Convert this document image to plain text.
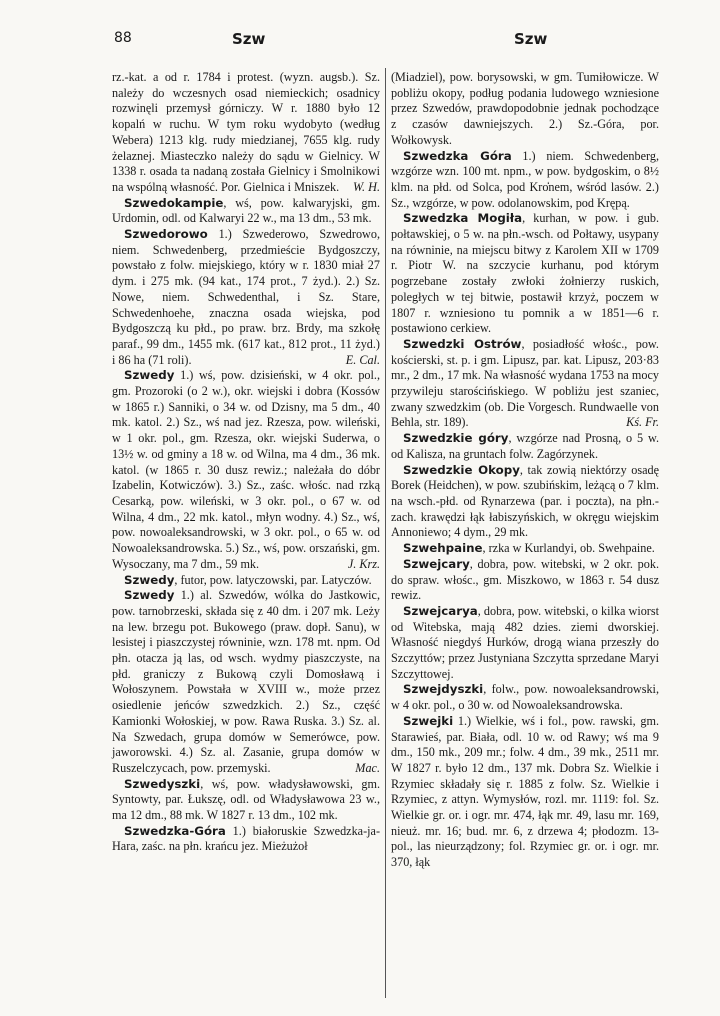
88	Szw	Szw

rz.-kat. a od r. 1784 i protest. (wyzn. augsb.). Sz. należy do wczesnych osad niemieckich; osadnicy rozwinęli przemysł górniczy. W r. 1880 było 12 kopalń w ruchu. W tym roku wydobyto (według Webera) 1213 klg. rudy miedzianej, 7655 klg. rudy żelaznej. Miasteczko należy do sądu w Gielnicy. W 1338 r. osada ta nadaną została Gielnicy i Smolnikowi na wspólną własność. Por. Gielnica i Mniszek. W. H.

Szwedokampie, wś, pow. kalwaryjski, gm. Urdomin, odl. od Kalwaryi 22 w., ma 13 dm., 53 mk.

Szwedorowo 1.) Szwederowo, Szwedrowo, niem. Schwedenberg, przedmieście Bydgoszczy, powstało z folw. miejskiego, który w r. 1830 miał 27 dym. i 275 mk. (94 kat., 174 prot., 7 żyd.). 2.) Sz. Nowe, niem. Schwedenthal, i Sz. Stare, Schwedenhoehe, znaczna osada wiejska, pod Bydgoszczą ku płd., po praw. brz. Brdy, ma szkołę paraf., 99 dm., 1455 mk. (617 kat., 812 prot., 11 żyd.) i 86 ha (71 roli).	E. Cal.

Szwedy 1.) wś, pow. dzisieński, w 4 okr. pol., gm. Prozoroki (o 2 w.), okr. wiejski i dobra (Kossów w 1865 r.) Sanniki, o 34 w. od Dzisny, ma 5 dm., 40 mk. katol. 2.) Sz., wś nad jez. Rzesza, pow. wileński, w 1 okr. pol., gm. Rzesza, okr. wiejski Suderwa, o 13½ w. od gminy a 18 w. od Wilna, ma 4 dm., 36 mk. katol. (w 1865 r. 30 dusz rewiz.; należała do dóbr Izabelin, Kotwiczów). 3.) Sz., zaśc. włośc. nad rzką Cesarką, pow. wileński, w 3 okr. pol., o 67 w. od Wilna, 4 dm., 22 mk. katol., młyn wodny. 4.) Sz., wś, pow. nowoaleksandrowski, w 3 okr. pol., o 65 w. od Nowoaleksandrowska. 5.) Sz., wś, pow. orszański, gm. Wysoczany, ma 7 dm., 59 mk.	J. Krz.

Szwedy, futor, pow. latyczowski, par. Latyczów.

Szwedy 1.) al. Szwedów, wólka do Jastkowic, pow. tarnobrzeski, składa się z 40 dm. i 207 mk. Leży na lew. brzegu pot. Bukowego (praw. dopł. Sanu), w lesistej i piaszczystej równinie, wzn. 178 mt. npm. Od płn. otacza ją las, od wsch. wydmy piaszczyste, na płd. graniczy z Bukową czyli Domosławą i Wołoszynem. Powstała w XVIII w., może przez osiedlenie jeńców szwedzkich. 2.) Sz., część Kamionki Wołoskiej, w pow. Rawa Ruska. 3.) Sz. al. Na Szwedach, grupa domów w Semerówce, pow. jaworowski. 4.) Sz. al. Zasanie, grupa domów w Ruszelczycach, pow. przemyski.	Mac.

Szwedyszki, wś, pow. władysławowski, gm. Syntowty, par. Łukszę, odl. od Władysławowa 23 w., ma 12 dm., 88 mk. W 1827 r. 13 dm., 102 mk.

Szwedzka-Góra 1.) białoruskie Szwedzka-ja-Hara, zaśc. na płn. krańcu jez. Mieżużoł

(Miadziel), pow. borysowski, w gm. Tumiłowicze. W pobliżu okopy, podług podania ludowego wzniesione przez Szwedów, prawdopodobnie jednak pochodzące z czasów dawniejszych. 2.) Sz.-Góra, por. Wołkowysk.

Szwedzka Góra 1.) niem. Schwedenberg, wzgórze wzn. 100 mt. npm., w pow. bydgoskim, o 8½ klm. na płd. od Solca, pod Kro̒nem, wśród lasów. 2.) Sz., wzgórze, w pow. odolanowskim, pod Krępą.

Szwedzka Mogiła, kurhan, w pow. i gub. połtawskiej, o 5 w. na płn.-wsch. od Połtawy, usypany na równinie, na miejscu bitwy z Karolem XII w 1709 r. Piotr W. na szczycie kurhanu, pod którym pogrzebane zostały zwłoki żołnierzy ruskich, poległych w tej bitwie, postawił krzyż, poczem w 1807 r. wzniesiono tu pomnik a w 1851—6 r. postawiono cerkiew.

Szwedzki Ostrów, posiadłość włośc., pow. kościerski, st. p. i gm. Lipusz, par. kat. Lipusz, 203·83 mr., 2 dm., 17 mk. Na własność wydana 1753 na mocy przywileju starościńskiego. W pobliżu jest szaniec, zwany szwedzkim (ob. Die Vorgesch. Rundwaelle von Behla, str. 189).	Kś. Fr.

Szwedzkie góry, wzgórze nad Prosną, o 5 w. od Kalisza, na gruntach folw. Zagórzynek.

Szwedzkie Okopy, tak zowią niektórzy osadę Borek (Heidchen), w pow. szubińskim, leżącą o 7 klm. na wsch.-płd. od Rynarzewa (par. i poczta), na płn.-zach. krawędzi łąk łabiszyńskich, w okręgu wiejskim Annoniewo; 4 dym., 29 mk.

Szwehpaine, rzka w Kurlandyi, ob. Swehpaine.

Szwejcary, dobra, pow. witebski, w 2 okr. pok. do spraw. włośc., gm. Miszkowo, w 1863 r. 54 dusz rewiz.

Szwejcarya, dobra, pow. witebski, o kilka wiorst od Witebska, mają 482 dzies. ziemi dworskiej. Własność niegdyś Hurków, drogą wiana przeszły do Szczyttów; przez Justyniana Szczytta sprzedane Maryi Szczyttowej.

Szwejdyszki, folw., pow. nowoaleksandrowski, w 4 okr. pol., o 30 w. od Nowoaleksandrowska.

Szwejki 1.) Wielkie, wś i fol., pow. rawski, gm. Starawieś, par. Biała, odl. 10 w. od Rawy; wś ma 9 dm., 150 mk., 209 mr.; folw. 4 dm., 39 mk., 2511 mr. W 1827 r. było 12 dm., 137 mk. Dobra Sz. Wielkie i Rzymiec składały się r. 1885 z folw. Sz. Wielkie i Rzymiec, z attyn. Wymysłów, rozl. mr. 1119: fol. Sz. Wielkie gr. or. i ogr. mr. 474, łąk mr. 49, lasu mr. 169, nieuż. mr. 16; bud. mr. 6, z drzewa 4; płodozm. 13-pol., las nieurządzony; fol. Rzymiec gr. or. i ogr. mr. 370, łąk
